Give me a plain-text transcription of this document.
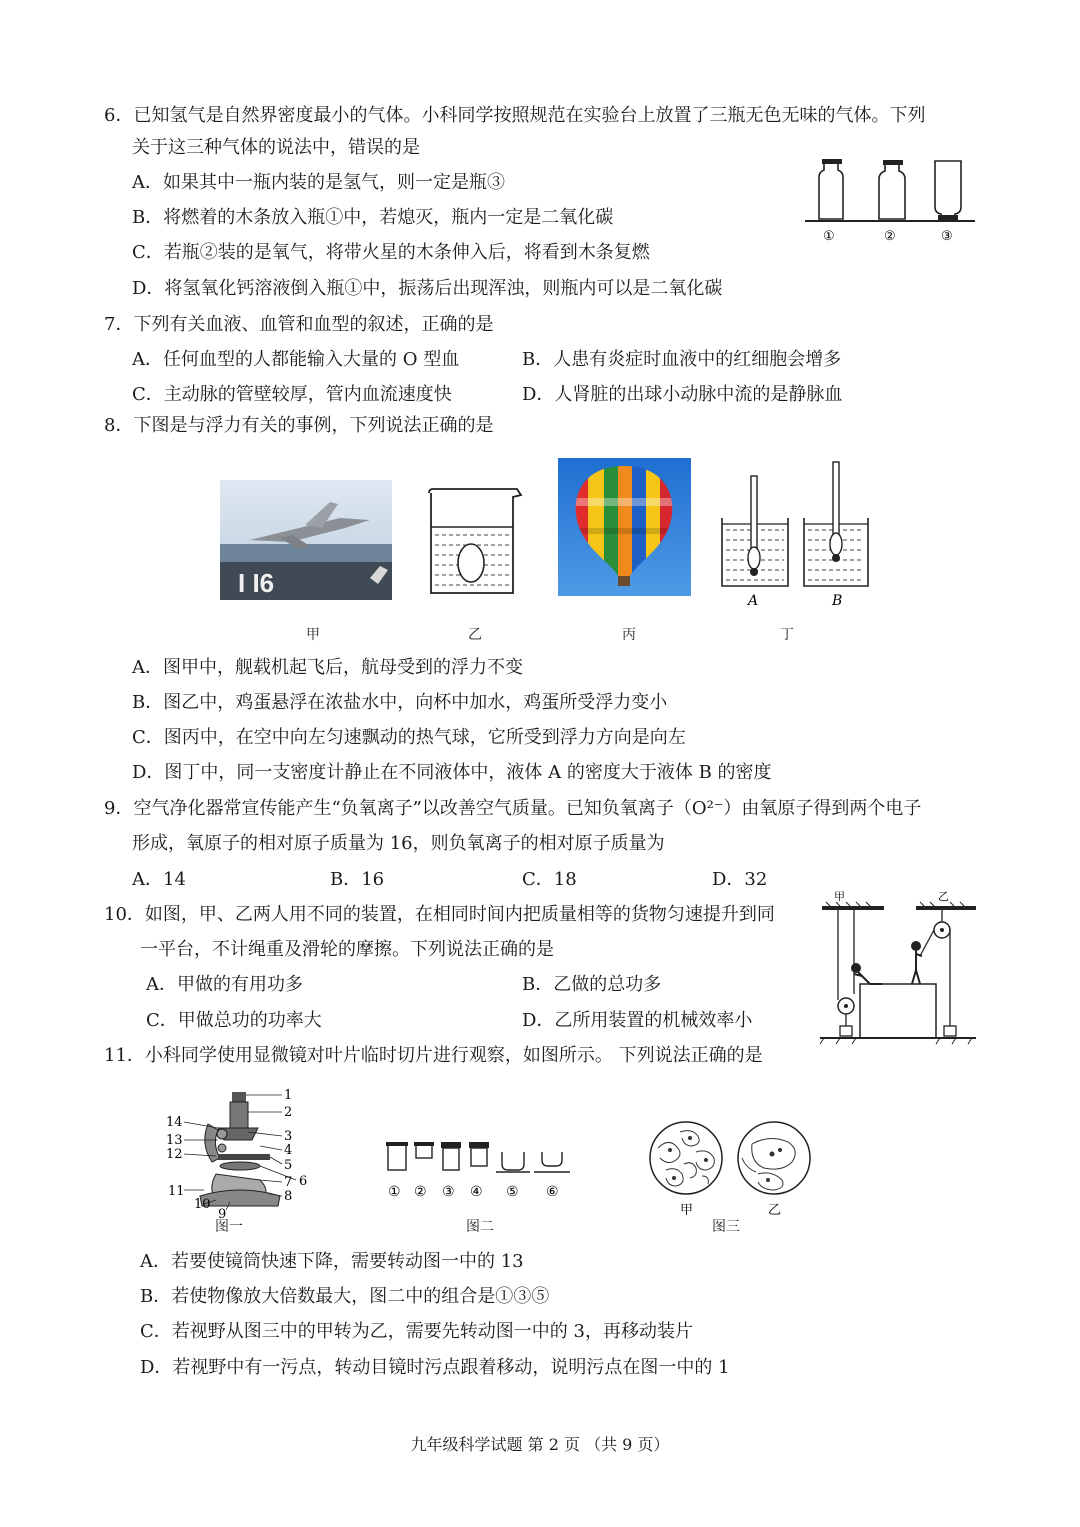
6．已知氢气是自然界密度最小的气体。小科同学按照规范在实验台上放置了三瓶无色无味的气体。下列
关于这三种气体的说法中，错误的是
A．如果其中一瓶内装的是氢气，则一定是瓶③
B．将燃着的木条放入瓶①中，若熄灭，瓶内一定是二氧化碳
C．若瓶②装的是氧气，将带火星的木条伸入后，将看到木条复燃
D．将氢氧化钙溶液倒入瓶①中，振荡后出现浑浊，则瓶内可以是二氧化碳
①	②	③
7．下列有关血液、血管和血型的叙述，正确的是
A．任何血型的人都能输入大量的 O 型血	B．人患有炎症时血液中的红细胞会增多
C．主动脉的管壁较厚，管内血流速度快	D．人肾脏的出球小动脉中流的是静脉血
8．下图是与浮力有关的事例，下列说法正确的是
I I6
A	B
甲	乙	丙	丁
A．图甲中，舰载机起飞后，航母受到的浮力不变
B．图乙中，鸡蛋悬浮在浓盐水中，向杯中加水，鸡蛋所受浮力变小
C．图丙中，在空中向左匀速飘动的热气球，它所受到浮力方向是向左
D．图丁中，同一支密度计静止在不同液体中，液体 A 的密度大于液体 B 的密度
9．空气净化器常宣传能产生“负氧离子”以改善空气质量。已知负氧离子（O²⁻）由氧原子得到两个电子
形成，氧原子的相对原子质量为 16，则负氧离子的相对原子质量为
A．14	B．16	C．18	D．32
10．如图，甲、乙两人用不同的装置，在相同时间内把质量相等的货物匀速提升到同
一平台，不计绳重及滑轮的摩擦。下列说法正确的是
A．甲做的有用功多	B．乙做的总功多
C．甲做总功的功率大	D．乙所用装置的机械效率小
甲	乙
11．小科同学使用显微镜对叶片临时切片进行观察，如图所示。 下列说法正确的是
1
2
3
4
5
6
7
8
9
10
11
12
13
14
图一
① ② ③ ④ ⑤ ⑥
图二
甲	乙
图三
A．若要使镜筒快速下降，需要转动图一中的 13
B．若使物像放大倍数最大，图二中的组合是①③⑤
C．若视野从图三中的甲转为乙，需要先转动图一中的 3，再移动装片
D．若视野中有一污点，转动目镜时污点跟着移动，说明污点在图一中的 1
九年级科学试题 第 2 页 （共 9 页）
